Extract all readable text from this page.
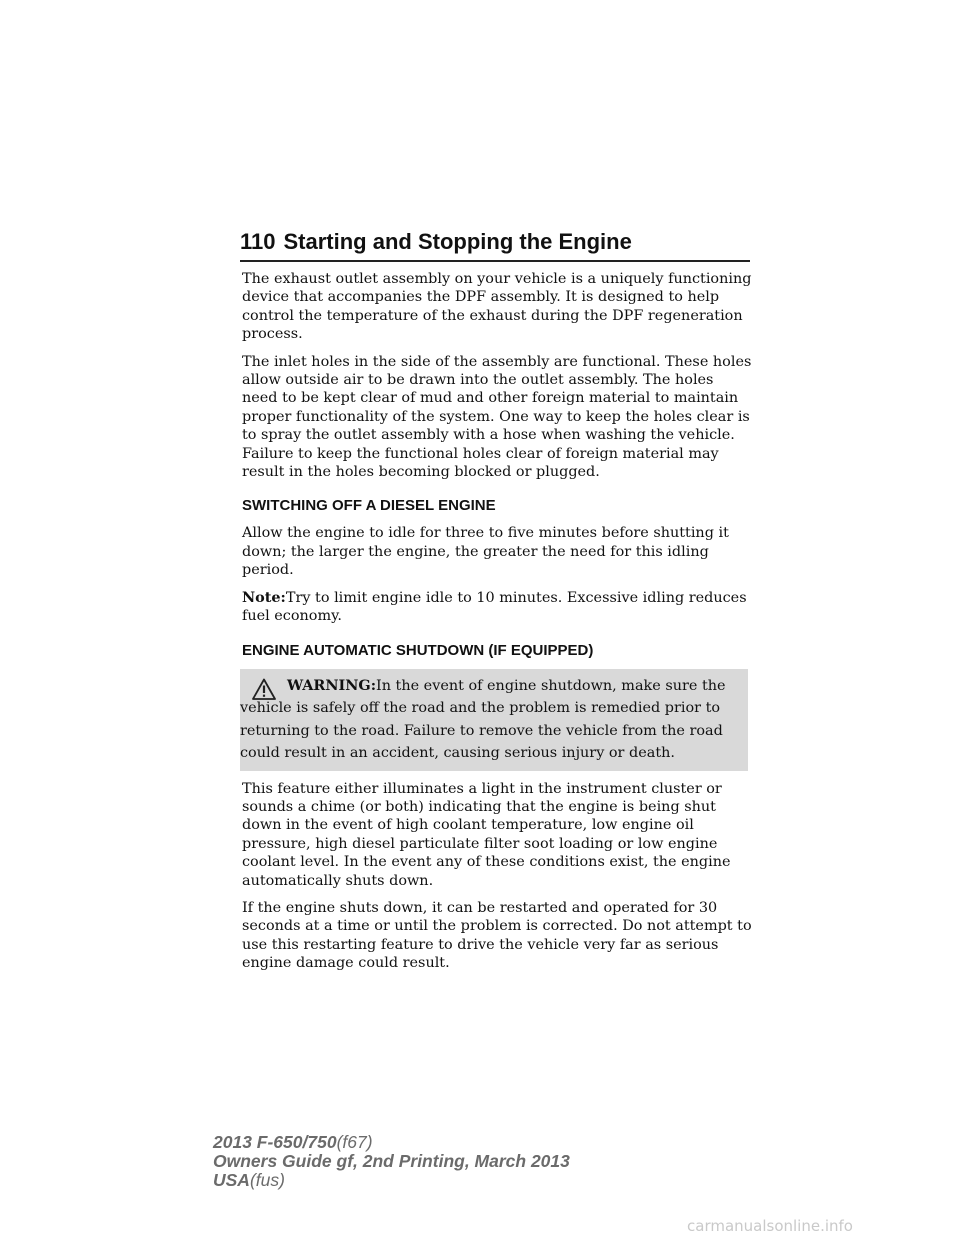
110 Starting and Stopping the Engine

The exhaust outlet assembly on your vehicle is a uniquely functioning device that accompanies the DPF assembly. It is designed to help control the temperature of the exhaust during the DPF regeneration process.

The inlet holes in the side of the assembly are functional. These holes allow outside air to be drawn into the outlet assembly. The holes need to be kept clear of mud and other foreign material to maintain proper functionality of the system. One way to keep the holes clear is to spray the outlet assembly with a hose when washing the vehicle. Failure to keep the functional holes clear of foreign material may result in the holes becoming blocked or plugged.

SWITCHING OFF A DIESEL ENGINE

Allow the engine to idle for three to five minutes before shutting it down; the larger the engine, the greater the need for this idling period.

Note:Try to limit engine idle to 10 minutes. Excessive idling reduces fuel economy.

ENGINE AUTOMATIC SHUTDOWN (IF EQUIPPED)
WARNING:In the event of engine shutdown, make sure the
vehicle is safely off the road and the problem is remedied prior to returning to the road. Failure to remove the vehicle from the road could result in an accident, causing serious injury or death.

This feature either illuminates a light in the instrument cluster or sounds a chime (or both) indicating that the engine is being shut down in the event of high coolant temperature, low engine oil pressure, high diesel particulate filter soot loading or low engine coolant level. In the event any of these conditions exist, the engine automatically shuts down.

If the engine shuts down, it can be restarted and operated for 30 seconds at a time or until the problem is corrected. Do not attempt to use this restarting feature to drive the vehicle very far as serious engine damage could result.

2013 F-650/750(f67)
Owners Guide gf, 2nd Printing, March 2013
USA(fus)
carmanualsonline.info
